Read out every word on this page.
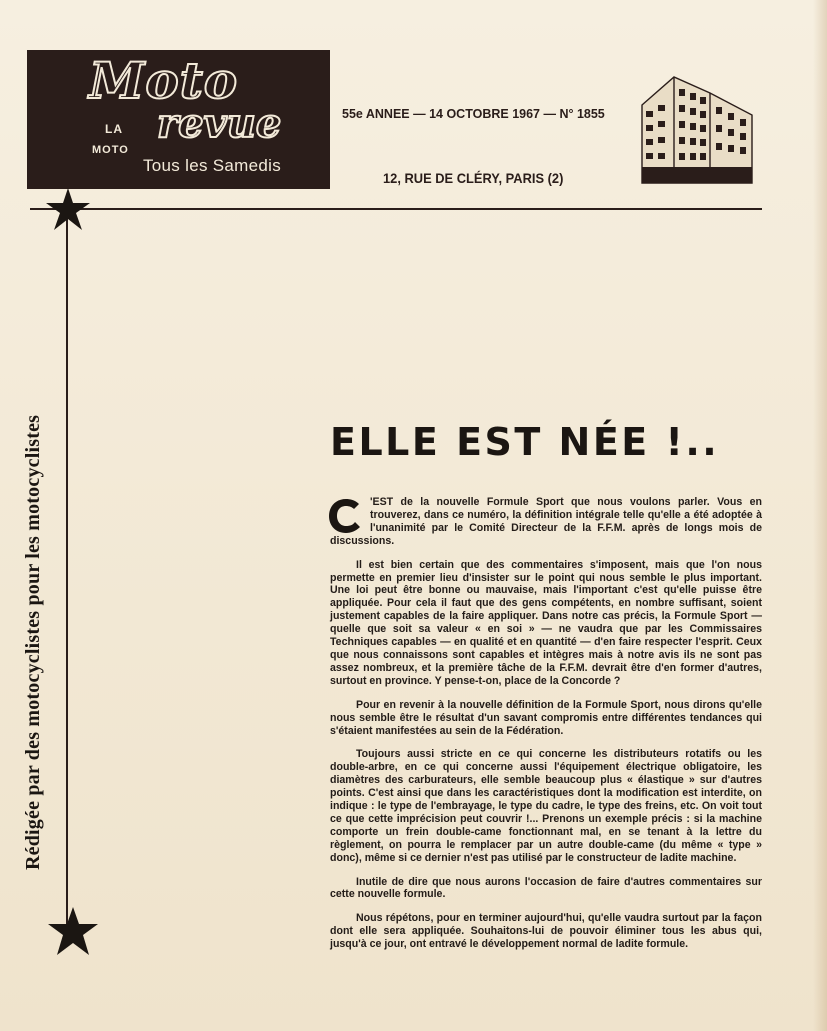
Moto
LA revue
MOTO
Tous les Samedis
55e ANNEE — 14 OCTOBRE 1967 — N° 1855
12, RUE DE CLÉRY, PARIS (2)
Rédigée par des motocyclistes pour les motocyclistes	ELLE EST NÉE !..

'EST de la nouvelle Formule Sport que nous voulons parler. Vous en trouverez, dans ce numéro, la définition intégrale telle qu'elle a été adoptée à l'unanimité par le Comité Directeur de la F.F.M. après de longs mois de discussions.

Il est bien certain que des commentaires s'imposent, mais que l'on nous permette en premier lieu d'insister sur le point qui nous semble le plus important. Une loi peut être bonne ou mauvaise, mais l'important c'est qu'elle puisse être appliquée. Pour cela il faut que des gens compétents, en nombre suffisant, soient justement capables de la faire appliquer. Dans notre cas précis, la Formule Sport — quelle que soit sa valeur « en soi » — ne vaudra que par les Commissaires Techniques capables — en qualité et en quantité — d'en faire respecter l'esprit. Ceux que nous connaissons sont capables et intègres mais à notre avis ils ne sont pas assez nombreux, et la première tâche de la F.F.M. devrait être d'en former d'autres, surtout en province. Y pense-t-on, place de la Concorde ?

Pour en revenir à la nouvelle définition de la Formule Sport, nous dirons qu'elle nous semble être le résultat d'un savant compromis entre différentes tendances qui s'étaient manifestées au sein de la Fédération.

Toujours aussi stricte en ce qui concerne les distributeurs rotatifs ou les double-arbre, en ce qui concerne aussi l'équipement électrique obligatoire, les diamètres des carburateurs, elle semble beaucoup plus « élastique » sur d'autres points. C'est ainsi que dans les caractéristiques dont la modification est interdite, on indique : le type de l'embrayage, le type du cadre, le type des freins, etc. On voit tout ce que cette imprécision peut couvrir !... Prenons un exemple précis : si la machine comporte un frein double-came fonctionnant mal, en se tenant à la lettre du règlement, on pourra le remplacer par un autre double-came (du même « type » donc), même si ce dernier n'est pas utilisé par le constructeur de ladite machine.

Inutile de dire que nous aurons l'occasion de faire d'autres commentaires sur cette nouvelle formule.

Nous répétons, pour en terminer aujourd'hui, qu'elle vaudra surtout par la façon dont elle sera appliquée. Souhaitons-lui de pouvoir éliminer tous les abus qui, jusqu'à ce jour, ont entravé le développement normal de ladite formule.
